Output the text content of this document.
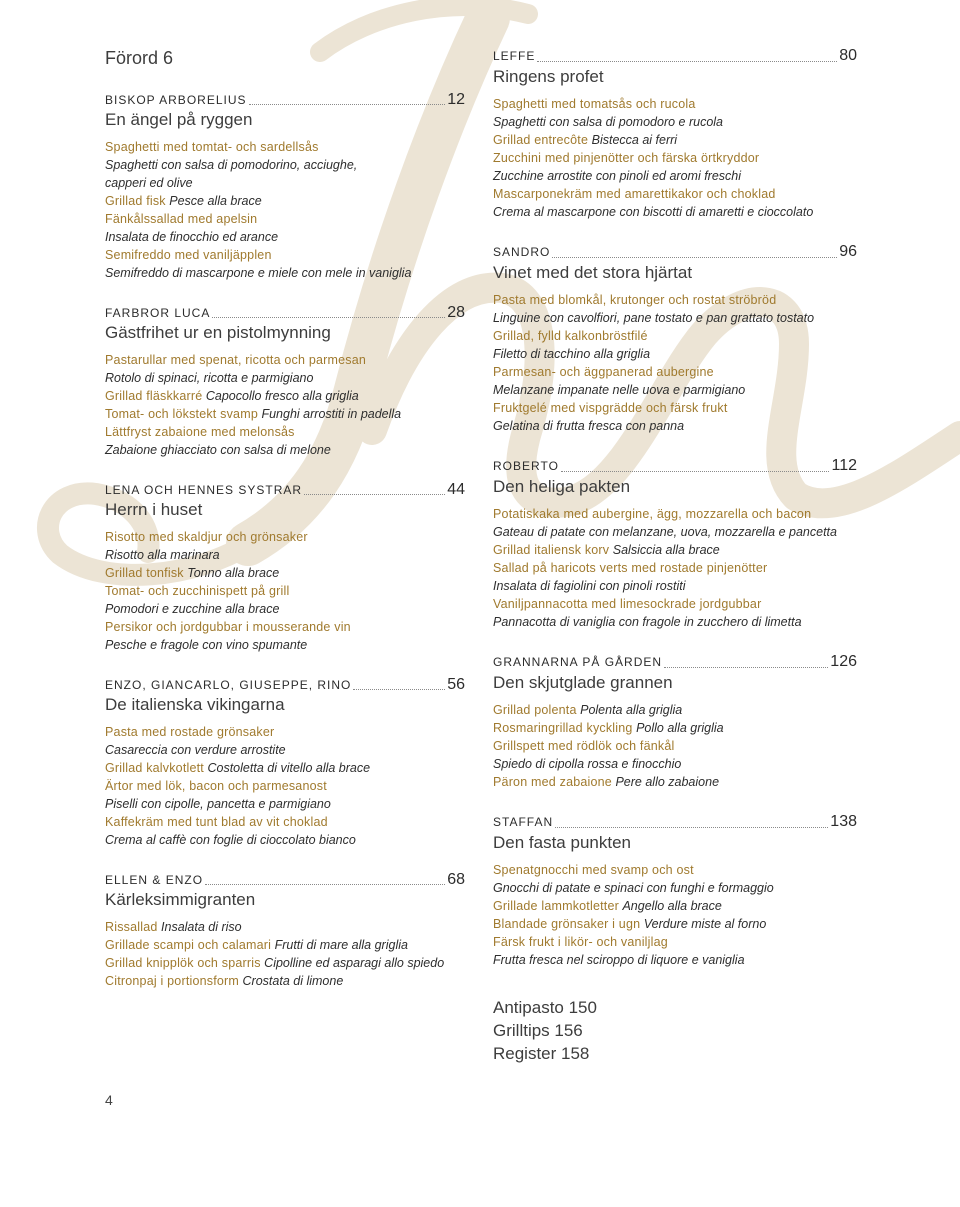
Förord 6
BISKOP ARBORELIUS	12
En ängel på ryggen
Spaghetti med tomtat- och sardellsås
Spaghetti con salsa di pomodorino, acciughe,
capperi ed olive
Grillad fisk Pesce alla brace
Fänkålssallad med apelsin
Insalata de finocchio ed arance
Semifreddo med vaniljäpplen
Semifreddo di mascarpone e miele con mele in vaniglia
FARBROR LUCA	28
Gästfrihet ur en pistolmynning
Pastarullar med spenat, ricotta och parmesan
Rotolo di spinaci, ricotta e parmigiano
Grillad fläskkarré Capocollo fresco alla griglia
Tomat- och lökstekt svamp Funghi arrostiti in padella
Lättfryst zabaione med melonsås
Zabaione ghiacciato con salsa di melone
LENA OCH HENNES SYSTRAR	44
Herrn i huset
Risotto med skaldjur och grönsaker
Risotto alla marinara
Grillad tonfisk Tonno alla brace
Tomat- och zucchinispett på grill
Pomodori e zucchine alla brace
Persikor och jordgubbar i mousserande vin
Pesche e fragole con vino spumante
ENZO, GIANCARLO, GIUSEPPE, RINO	56
De italienska vikingarna
Pasta med rostade grönsaker
Casareccia con verdure arrostite
Grillad kalvkotlett Costoletta di vitello alla brace
Ärtor med lök, bacon och parmesanost
Piselli con cipolle, pancetta e parmigiano
Kaffekräm med tunt blad av vit choklad
Crema al caffè con foglie di cioccolato bianco
ELLEN & ENZO	68
Kärleksimmigranten
Rissallad Insalata di riso
Grillade scampi och calamari Frutti di mare alla griglia
Grillad knipplök och sparris Cipolline ed asparagi allo spiedo
Citronpaj i portionsform Crostata di limone
LEFFE	80
Ringens profet
Spaghetti med tomatsås och rucola
Spaghetti con salsa di pomodoro e rucola
Grillad entrecôte Bistecca ai ferri
Zucchini med pinjenötter och färska örtkryddor
Zucchine arrostite con pinoli ed aromi freschi
Mascarponekräm med amarettikakor och choklad
Crema al mascarpone con biscotti di amaretti e cioccolato
SANDRO	96
Vinet med det stora hjärtat
Pasta med blomkål, krutonger och rostat ströbröd
Linguine con cavolfiori, pane tostato e pan grattato tostato
Grillad, fylld kalkonbröstfilé
Filetto di tacchino alla griglia
Parmesan- och äggpanerad aubergine
Melanzane impanate nelle uova e parmigiano
Fruktgelé med vispgrädde och färsk frukt
Gelatina di frutta fresca con panna
ROBERTO	112
Den heliga pakten
Potatiskaka med aubergine, ägg, mozzarella och bacon
Gateau di patate con melanzane, uova, mozzarella e pancetta
Grillad italiensk korv Salsiccia alla brace
Sallad på haricots verts med rostade pinjenötter
Insalata di fagiolini con pinoli rostiti
Vaniljpannacotta med limesockrade jordgubbar
Pannacotta di vaniglia con fragole in zucchero di limetta
GRANNARNA PÅ GÅRDEN	126
Den skjutglade grannen
Grillad polenta Polenta alla griglia
Rosmaringrillad kyckling Pollo alla griglia
Grillspett med rödlök och fänkål
Spiedo di cipolla rossa e finocchio
Päron med zabaione Pere allo zabaione
STAFFAN	138
Den fasta punkten
Spenatgnocchi med svamp och ost
Gnocchi di patate e spinaci con funghi e formaggio
Grillade lammkotletter Angello alla brace
Blandade grönsaker i ugn Verdure miste al forno
Färsk frukt i likör- och vaniljlag
Frutta fresca nel sciroppo di liquore e vaniglia
Antipasto 150
Grilltips 156
Register 158
4
